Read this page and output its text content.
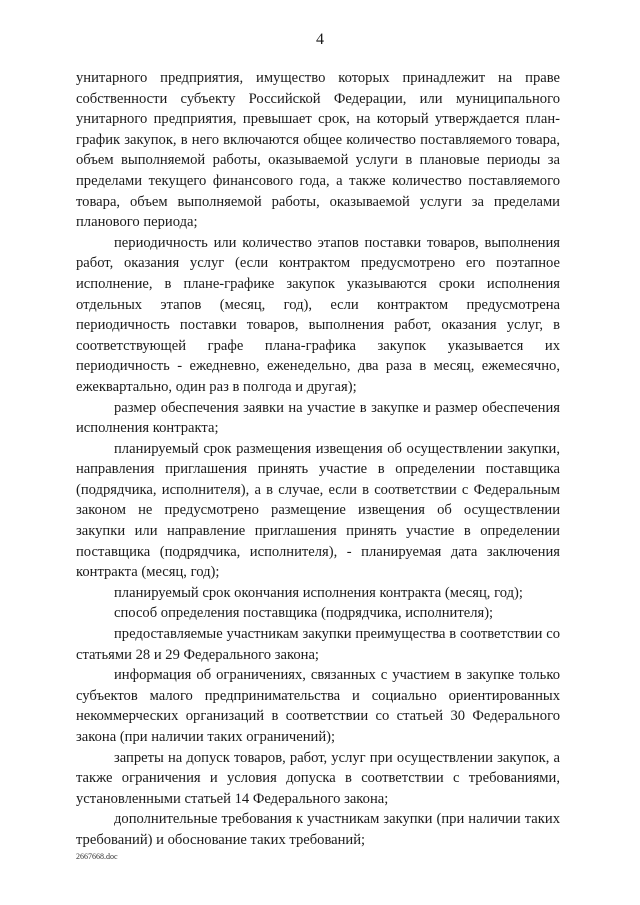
4

унитарного предприятия, имущество которых принадлежит на праве собственности субъекту Российской Федерации, или муниципального унитарного предприятия, превышает срок, на который утверждается план-график закупок, в него включаются общее количество поставляемого товара, объем выполняемой работы, оказываемой услуги в плановые периоды за пределами текущего финансового года, а также количество поставляемого товара, объем выполняемой работы, оказываемой услуги за пределами планового периода;

периодичность или количество этапов поставки товаров, выполнения работ, оказания услуг (если контрактом предусмотрено его поэтапное исполнение, в плане-графике закупок указываются сроки исполнения отдельных этапов (месяц, год), если контрактом предусмотрена периодичность поставки товаров, выполнения работ, оказания услуг, в соответствующей графе плана-графика закупок указывается их периодичность - ежедневно, еженедельно, два раза в месяц, ежемесячно, ежеквартально, один раз в полгода и другая);

размер обеспечения заявки на участие в закупке и размер обеспечения исполнения контракта;

планируемый срок размещения извещения об осуществлении закупки, направления приглашения принять участие в определении поставщика (подрядчика, исполнителя), а в случае, если в соответствии с Федеральным законом не предусмотрено размещение извещения об осуществлении закупки или направление приглашения принять участие в определении поставщика (подрядчика, исполнителя), - планируемая дата заключения контракта (месяц, год);

планируемый срок окончания исполнения контракта (месяц, год);

способ определения поставщика (подрядчика, исполнителя);

предоставляемые участникам закупки преимущества в соответствии со статьями 28 и 29 Федерального закона;

информация об ограничениях, связанных с участием в закупке только субъектов малого предпринимательства и социально ориентированных некоммерческих организаций в соответствии со статьей 30 Федерального закона (при наличии таких ограничений);

запреты на допуск товаров, работ, услуг при осуществлении закупок, а также ограничения и условия допуска в соответствии с требованиями, установленными статьей 14 Федерального закона;

дополнительные требования к участникам закупки (при наличии таких требований) и обоснование таких требований;

2667668.doc
